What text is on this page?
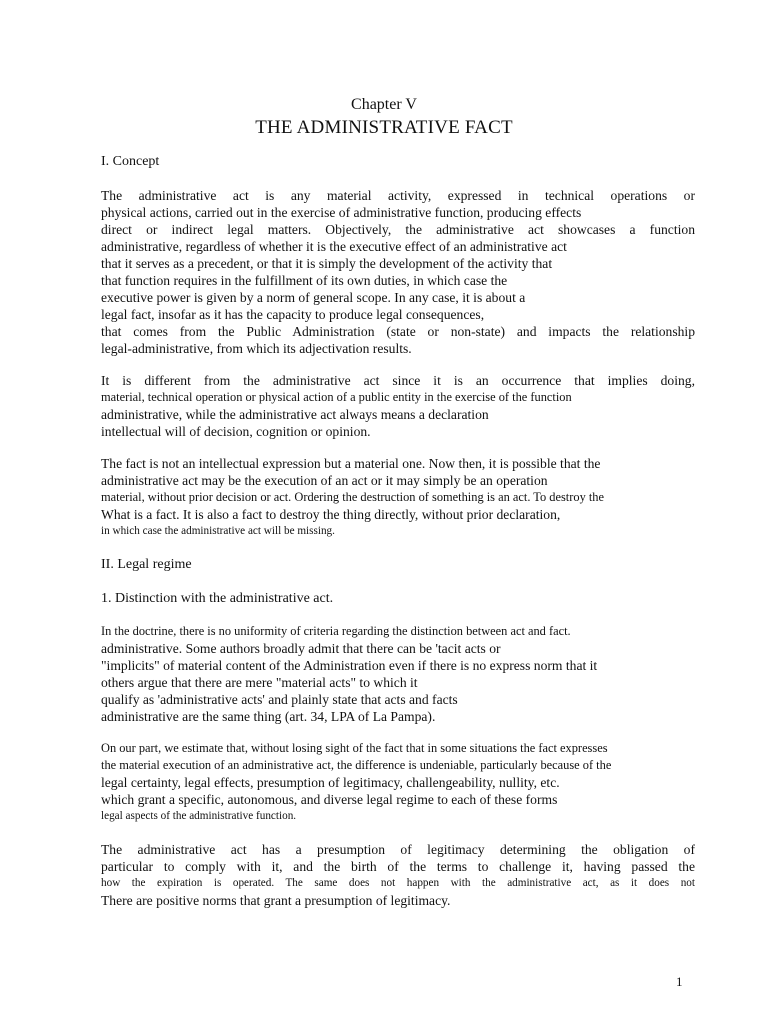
Chapter V
THE ADMINISTRATIVE FACT
I. Concept
The administrative act is any material activity, expressed in technical operations or
physical actions, carried out in the exercise of administrative function, producing effects
direct or indirect legal matters. Objectively, the administrative act showcases a function
administrative, regardless of whether it is the executive effect of an administrative act
that it serves as a precedent, or that it is simply the development of the activity that
that function requires in the fulfillment of its own duties, in which case the
executive power is given by a norm of general scope. In any case, it is about a
legal fact, insofar as it has the capacity to produce legal consequences,
that comes from the Public Administration (state or non-state) and impacts the relationship
legal-administrative, from which its adjectivation results.
It is different from the administrative act since it is an occurrence that implies doing,
material, technical operation or physical action of a public entity in the exercise of the function
administrative, while the administrative act always means a declaration
intellectual will of decision, cognition or opinion.
The fact is not an intellectual expression but a material one. Now then, it is possible that the
administrative act may be the execution of an act or it may simply be an operation
material, without prior decision or act. Ordering the destruction of something is an act. To destroy the
What is a fact. It is also a fact to destroy the thing directly, without prior declaration,
in which case the administrative act will be missing.
II. Legal regime
1. Distinction with the administrative act.
In the doctrine, there is no uniformity of criteria regarding the distinction between act and fact.
administrative. Some authors broadly admit that there can be 'tacit acts or
"implicits" of material content of the Administration even if there is no express norm that it
others argue that there are mere "material acts" to which it
qualify as 'administrative acts' and plainly state that acts and facts
administrative are the same thing (art. 34, LPA of La Pampa).
On our part, we estimate that, without losing sight of the fact that in some situations the fact expresses
the material execution of an administrative act, the difference is undeniable, particularly because of the
legal certainty, legal effects, presumption of legitimacy, challengeability, nullity, etc.
which grant a specific, autonomous, and diverse legal regime to each of these forms
legal aspects of the administrative function.
The administrative act has a presumption of legitimacy determining the obligation of
particular to comply with it, and the birth of the terms to challenge it, having passed the
how the expiration is operated. The same does not happen with the administrative act, as it does not
There are positive norms that grant a presumption of legitimacy.
1
